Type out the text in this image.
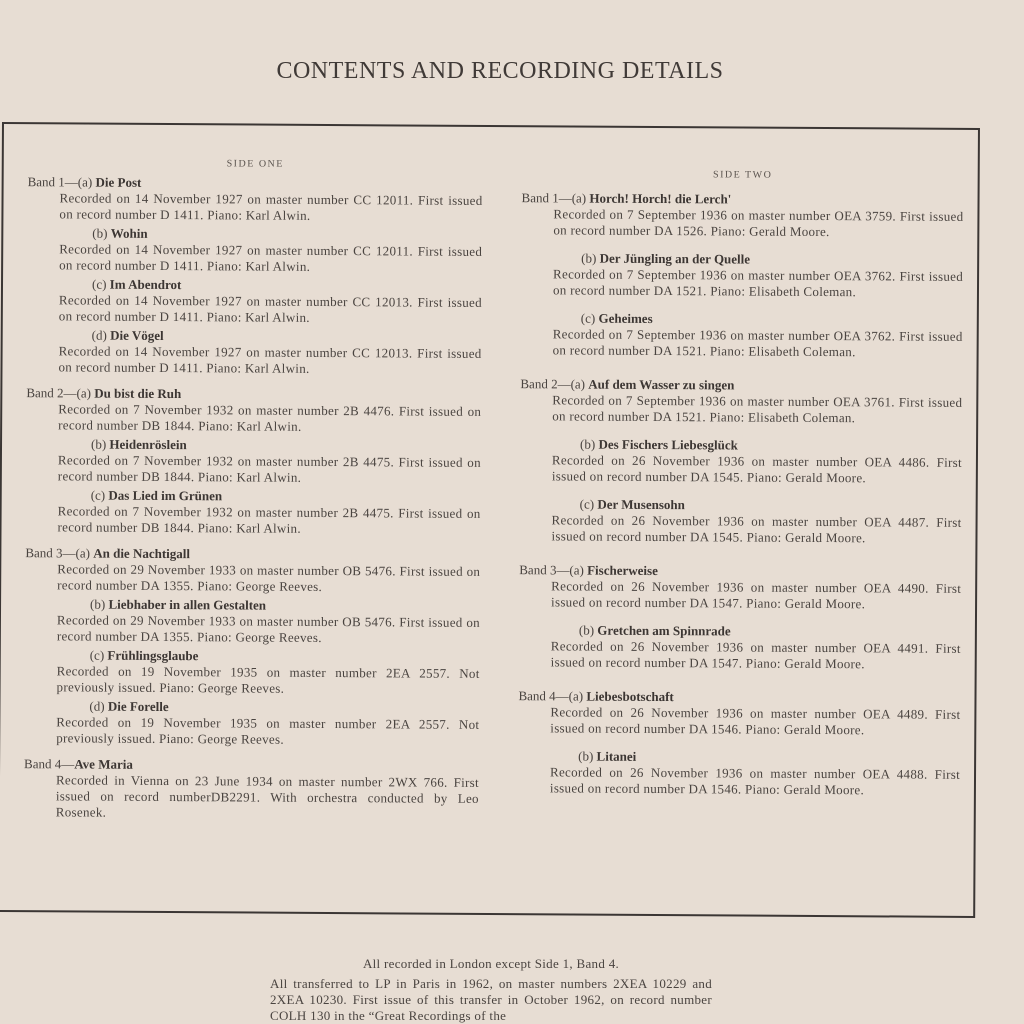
CONTENTS AND RECORDING DETAILS
SIDE ONE
Band 1—(a) Die Post
Recorded on 14 November 1927 on master number CC 12011. First issued on record number D 1411. Piano: Karl Alwin.
(b) Wohin
Recorded on 14 November 1927 on master number CC 12011. First issued on record number D 1411. Piano: Karl Alwin.
(c) Im Abendrot
Recorded on 14 November 1927 on master number CC 12013. First issued on record number D 1411. Piano: Karl Alwin.
(d) Die Vögel
Recorded on 14 November 1927 on master number CC 12013. First issued on record number D 1411. Piano: Karl Alwin.
Band 2—(a) Du bist die Ruh
Recorded on 7 November 1932 on master number 2B 4476. First issued on record number DB 1844. Piano: Karl Alwin.
(b) Heidenröslein
Recorded on 7 November 1932 on master number 2B 4475. First issued on record number DB 1844. Piano: Karl Alwin.
(c) Das Lied im Grünen
Recorded on 7 November 1932 on master number 2B 4475. First issued on record number DB 1844. Piano: Karl Alwin.
Band 3—(a) An die Nachtigall
Recorded on 29 November 1933 on master number OB 5476. First issued on record number DA 1355. Piano: George Reeves.
(b) Liebhaber in allen Gestalten
Recorded on 29 November 1933 on master number OB 5476. First issued on record number DA 1355. Piano: George Reeves.
(c) Frühlingsglaube
Recorded on 19 November 1935 on master number 2EA 2557. Not previously issued. Piano: George Reeves.
(d) Die Forelle
Recorded on 19 November 1935 on master number 2EA 2557. Not previously issued. Piano: George Reeves.
Band 4—Ave Maria
Recorded in Vienna on 23 June 1934 on master number 2WX 766. First issued on record numberDB2291. With orchestra conducted by Leo Rosenek.
SIDE TWO
Band 1—(a) Horch! Horch! die Lerch'
Recorded on 7 September 1936 on master number OEA 3759. First issued on record number DA 1526. Piano: Gerald Moore.
(b) Der Jüngling an der Quelle
Recorded on 7 September 1936 on master number OEA 3762. First issued on record number DA 1521. Piano: Elisabeth Coleman.
(c) Geheimes
Recorded on 7 September 1936 on master number OEA 3762. First issued on record number DA 1521. Piano: Elisabeth Coleman.
Band 2—(a) Auf dem Wasser zu singen
Recorded on 7 September 1936 on master number OEA 3761. First issued on record number DA 1521. Piano: Elisabeth Coleman.
(b) Des Fischers Liebesglück
Recorded on 26 November 1936 on master number OEA 4486. First issued on record number DA 1545. Piano: Gerald Moore.
(c) Der Musensohn
Recorded on 26 November 1936 on master number OEA 4487. First issued on record number DA 1545. Piano: Gerald Moore.
Band 3—(a) Fischerweise
Recorded on 26 November 1936 on master number OEA 4490. First issued on record number DA 1547. Piano: Gerald Moore.
(b) Gretchen am Spinnrade
Recorded on 26 November 1936 on master number OEA 4491. First issued on record number DA 1547. Piano: Gerald Moore.
Band 4—(a) Liebesbotschaft
Recorded on 26 November 1936 on master number OEA 4489. First issued on record number DA 1546. Piano: Gerald Moore.
(b) Litanei
Recorded on 26 November 1936 on master number OEA 4488. First issued on record number DA 1546. Piano: Gerald Moore.
All recorded in London except Side 1, Band 4.
All transferred to LP in Paris in 1962, on master numbers 2XEA 10229 and 2XEA 10230. First issue of this transfer in October 1962, on record number COLH 130 in the “Great Recordings of the
